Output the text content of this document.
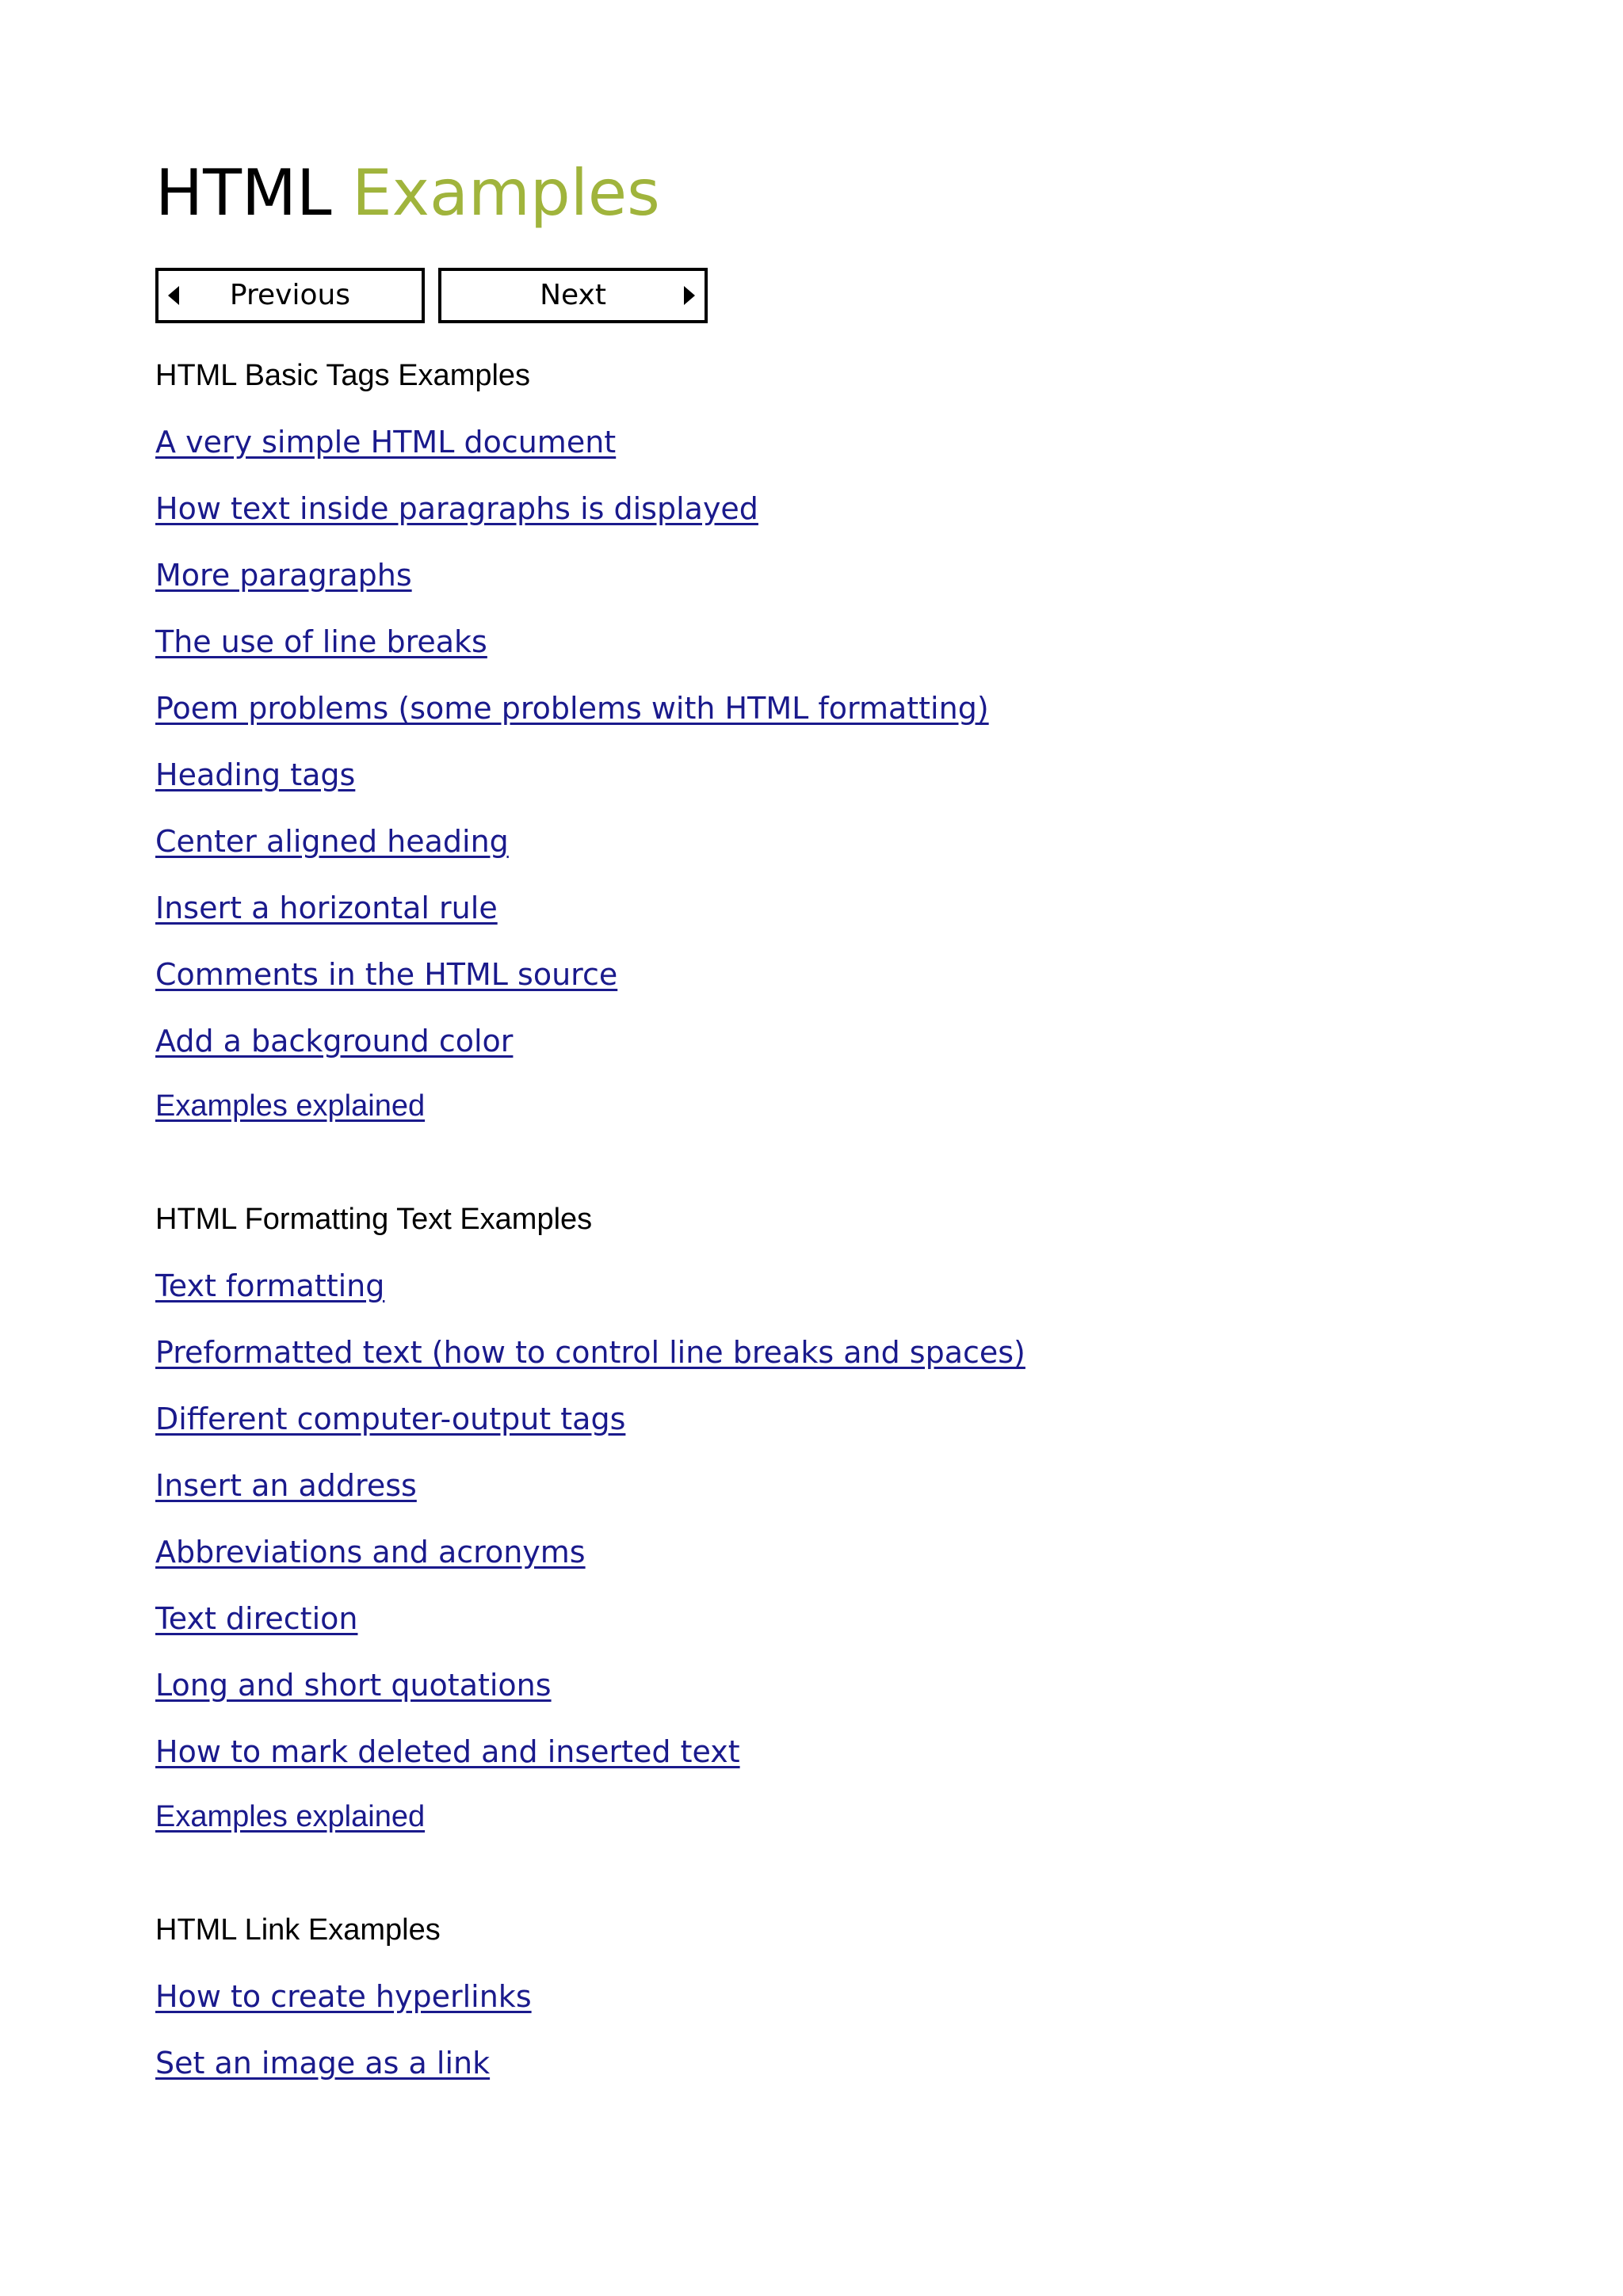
HTML Examples
Previous	Next
HTML Basic Tags Examples
A very simple HTML document
How text inside paragraphs is displayed
More paragraphs
The use of line breaks
Poem problems (some problems with HTML formatting)
Heading tags
Center aligned heading
Insert a horizontal rule
Comments in the HTML source
Add a background color
Examples explained
HTML Formatting Text Examples
Text formatting
Preformatted text (how to control line breaks and spaces)
Different computer-output tags
Insert an address
Abbreviations and acronyms
Text direction
Long and short quotations
How to mark deleted and inserted text
Examples explained
HTML Link Examples
How to create hyperlinks
Set an image as a link
